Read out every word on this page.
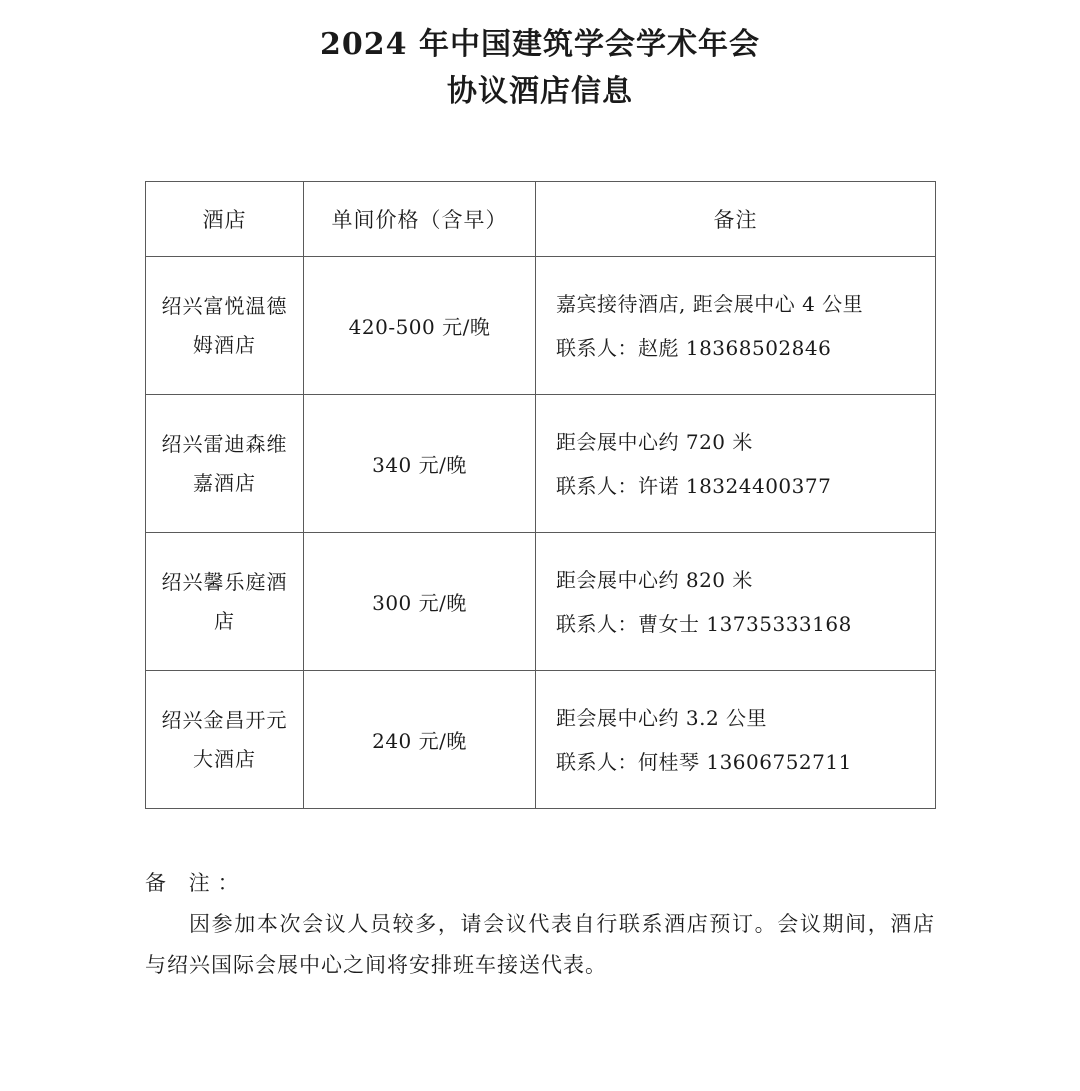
2024 年中国建筑学会学术年会
协议酒店信息
酒店	单间价格（含早）	备注
绍兴富悦温德姆酒店	420-500 元/晚	嘉宾接待酒店, 距会展中心 4 公里
联系人：赵彪 18368502846

绍兴雷迪森维嘉酒店	340 元/晚	距会展中心约 720 米
联系人：许诺 18324400377

绍兴馨乐庭酒店	300 元/晚	距会展中心约 820 米
联系人：曹女士 13735333168

绍兴金昌开元大酒店	240 元/晚	距会展中心约 3.2 公里
联系人：何桂琴 13606752711
备 注：
因参加本次会议人员较多，请会议代表自行联系酒店预订。会议期间，酒店与绍兴国际会展中心之间将安排班车接送代表。
